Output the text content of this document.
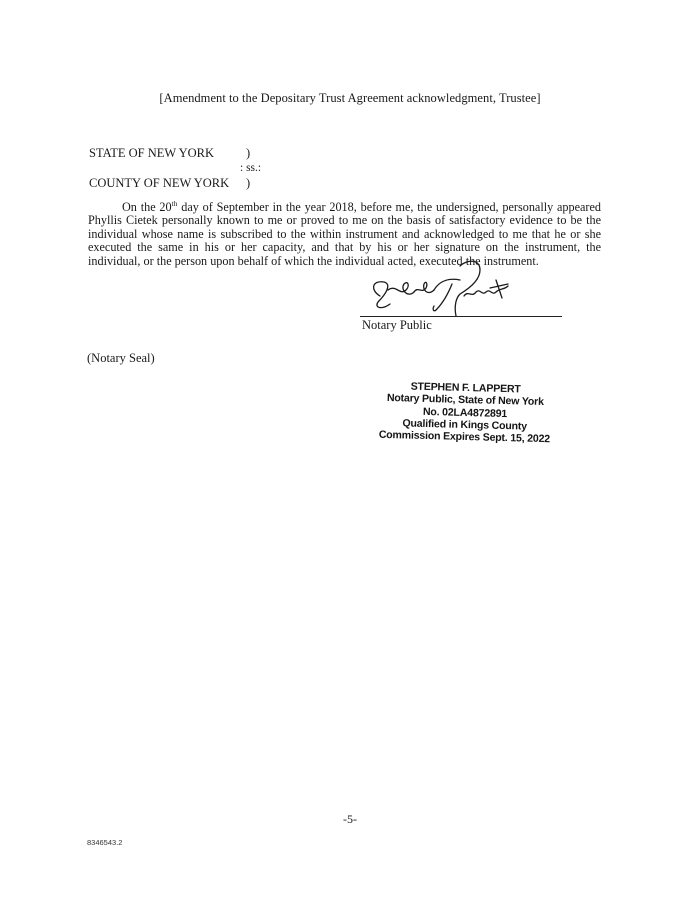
[Amendment to the Depositary Trust Agreement acknowledgment, Trustee]
STATE OF NEW YORK	)
: ss.:
COUNTY OF NEW YORK )

On the 20th day of September in the year 2018, before me, the undersigned, personally appeared Phyllis Cietek personally known to me or proved to me on the basis of satisfactory evidence to be the individual whose name is subscribed to the within instrument and acknowledged to me that he or she executed the same in his or her capacity, and that by his or her signature on the instrument, the individual, or the person upon behalf of which the individual acted, executed the instrument.

Notary Public
(Notary Seal)
STEPHEN F. LAPPERT
Notary Public, State of New York
No. 02LA4872891
Qualified in Kings County
Commission Expires Sept. 15, 2022
-5-
8346543.2
